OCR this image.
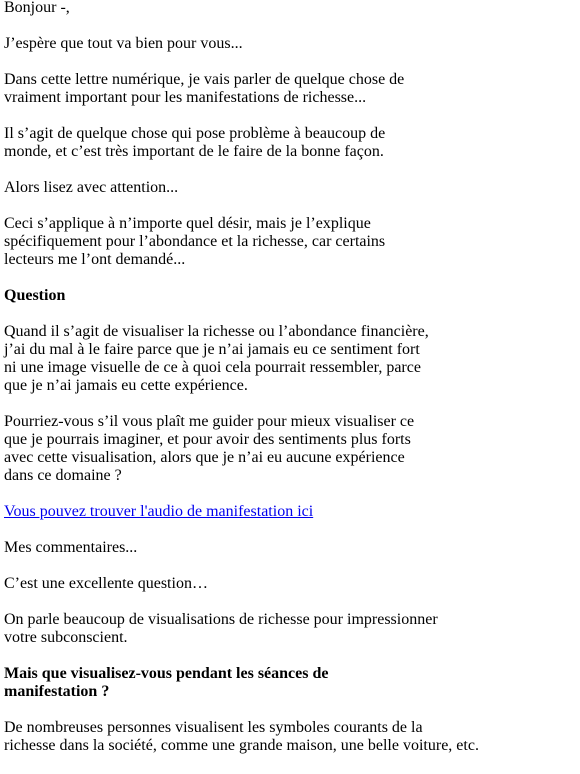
Bonjour -,
J’espère que tout va bien pour vous...
Dans cette lettre numérique, je vais parler de quelque chose de
vraiment important pour les manifestations de richesse...
Il s’agit de quelque chose qui pose problème à beaucoup de
monde, et c’est très important de le faire de la bonne façon.
Alors lisez avec attention...
Ceci s’applique à n’importe quel désir, mais je l’explique
spécifiquement pour l’abondance et la richesse, car certains
lecteurs me l’ont demandé...
Question
Quand il s’agit de visualiser la richesse ou l’abondance financière,
j’ai du mal à le faire parce que je n’ai jamais eu ce sentiment fort
ni une image visuelle de ce à quoi cela pourrait ressembler, parce
que je n’ai jamais eu cette expérience.
Pourriez-vous s’il vous plaît me guider pour mieux visualiser ce
que je pourrais imaginer, et pour avoir des sentiments plus forts
avec cette visualisation, alors que je n’ai eu aucune expérience
dans ce domaine ?
Vous pouvez trouver l'audio de manifestation ici
Mes commentaires...
C’est une excellente question…
On parle beaucoup de visualisations de richesse pour impressionner
votre subconscient.
Mais que visualisez-vous pendant les séances de
manifestation ?
De nombreuses personnes visualisent les symboles courants de la
richesse dans la société, comme une grande maison, une belle voiture, etc.
